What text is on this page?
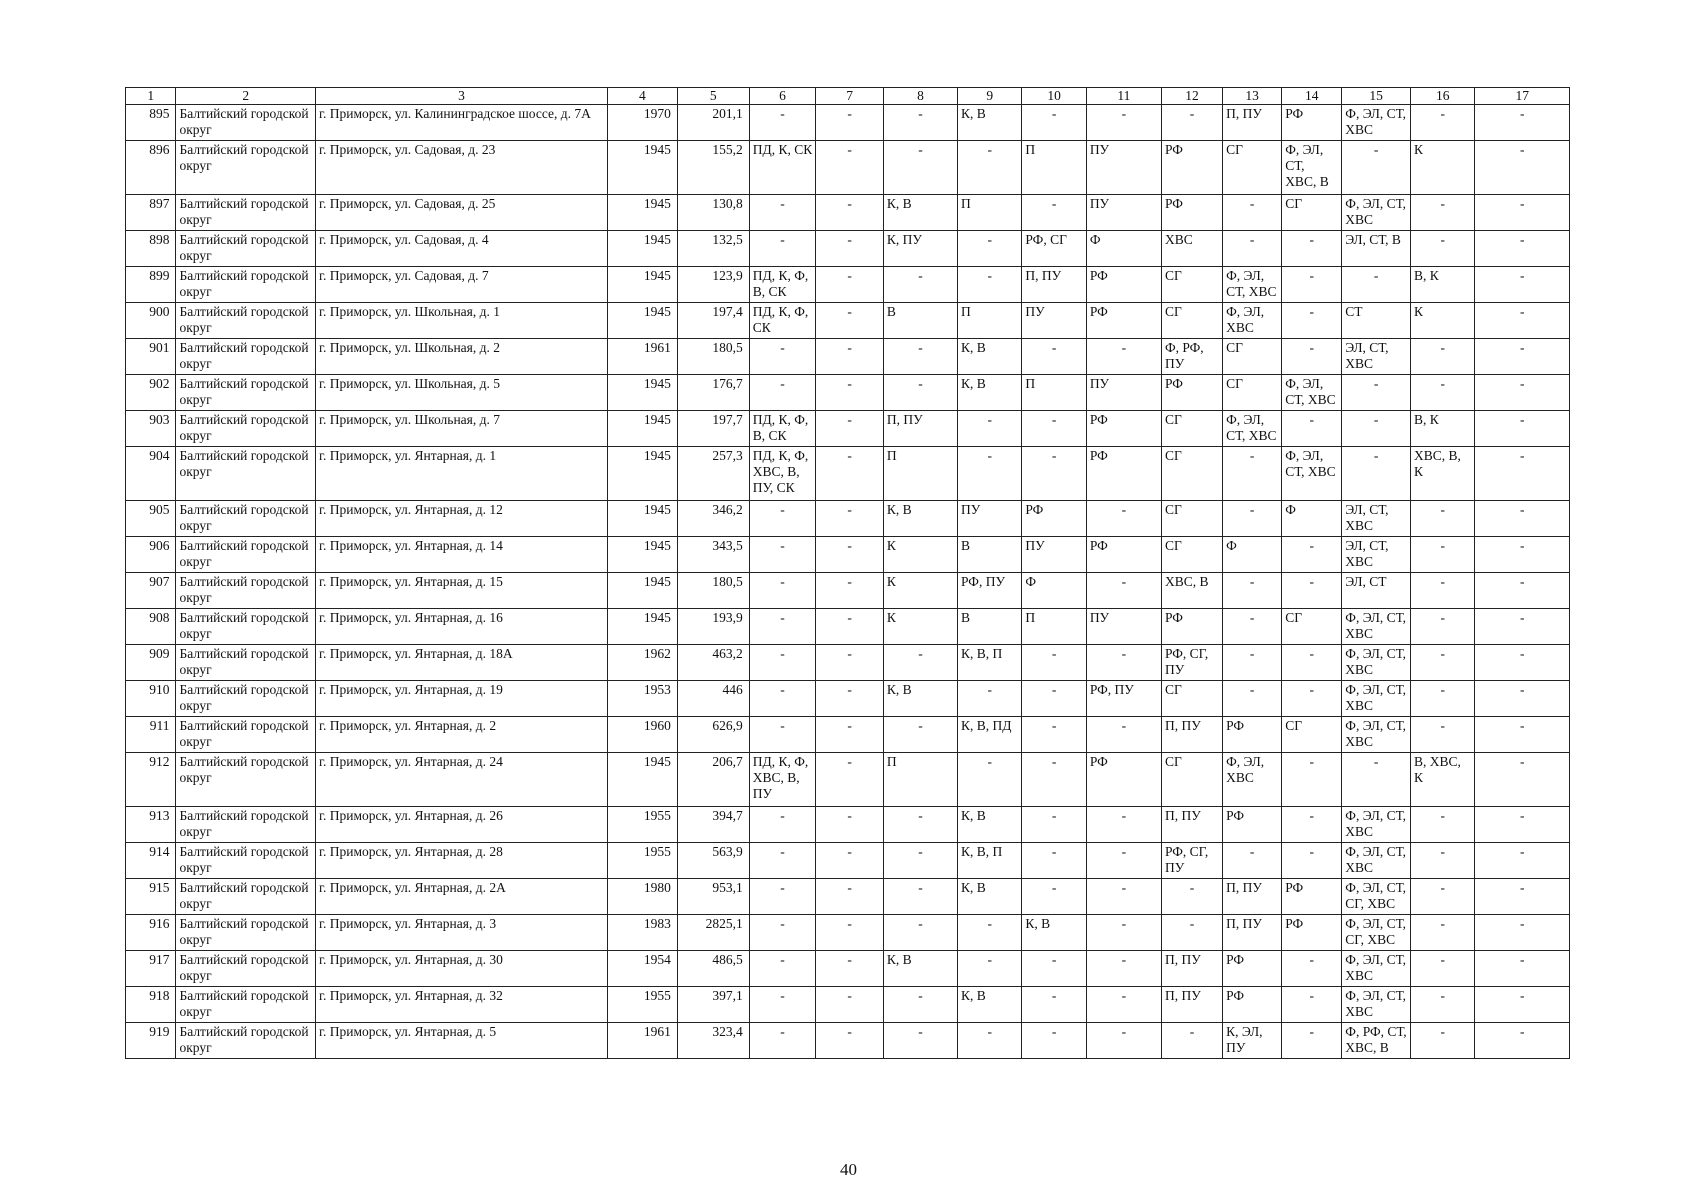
1	2	3	4	5	6	7	8	9	10	11	12	13	14	15	16	17
895	Балтийский городской округ	г. Приморск, ул. Калининградское шоссе, д. 7А	1970	201,1	-	-	-	К, В	-	-	-	П, ПУ	РФ	Ф, ЭЛ, СТ, ХВС	-	-
896	Балтийский городской округ	г. Приморск, ул. Садовая, д. 23	1945	155,2	ПД, К, СК	-	-	-	П	ПУ	РФ	СГ	Ф, ЭЛ, СТ, ХВС, В	-	К	-
897	Балтийский городской округ	г. Приморск, ул. Садовая, д. 25	1945	130,8	-	-	К, В	П	-	ПУ	РФ	-	СГ	Ф, ЭЛ, СТ, ХВС	-	-
898	Балтийский городской округ	г. Приморск, ул. Садовая, д. 4	1945	132,5	-	-	К, ПУ	-	РФ, СГ	Ф	ХВС	-	-	ЭЛ, СТ, В	-	-
899	Балтийский городской округ	г. Приморск, ул. Садовая, д. 7	1945	123,9	ПД, К, Ф, В, СК	-	-	-	П, ПУ	РФ	СГ	Ф, ЭЛ, СТ, ХВС	-	-	В, К	-
900	Балтийский городской округ	г. Приморск, ул. Школьная, д. 1	1945	197,4	ПД, К, Ф, СК	-	В	П	ПУ	РФ	СГ	Ф, ЭЛ, ХВС	-	СТ	К	-
901	Балтийский городской округ	г. Приморск, ул. Школьная, д. 2	1961	180,5	-	-	-	К, В	-	-	Ф, РФ, ПУ	СГ	-	ЭЛ, СТ, ХВС	-	-
902	Балтийский городской округ	г. Приморск, ул. Школьная, д. 5	1945	176,7	-	-	-	К, В	П	ПУ	РФ	СГ	Ф, ЭЛ, СТ, ХВС	-	-	-
903	Балтийский городской округ	г. Приморск, ул. Школьная, д. 7	1945	197,7	ПД, К, Ф, В, СК	-	П, ПУ	-	-	РФ	СГ	Ф, ЭЛ, СТ, ХВС	-	-	В, К	-
904	Балтийский городской округ	г. Приморск, ул. Янтарная, д. 1	1945	257,3	ПД, К, Ф, ХВС, В, ПУ, СК	-	П	-	-	РФ	СГ	-	Ф, ЭЛ, СТ, ХВС	-	ХВС, В, К	-
905	Балтийский городской округ	г. Приморск, ул. Янтарная, д. 12	1945	346,2	-	-	К, В	ПУ	РФ	-	СГ	-	Ф	ЭЛ, СТ, ХВС	-	-
906	Балтийский городской округ	г. Приморск, ул. Янтарная, д. 14	1945	343,5	-	-	К	В	ПУ	РФ	СГ	Ф	-	ЭЛ, СТ, ХВС	-	-
907	Балтийский городской округ	г. Приморск, ул. Янтарная, д. 15	1945	180,5	-	-	К	РФ, ПУ	Ф	-	ХВС, В	-	-	ЭЛ, СТ	-	-
908	Балтийский городской округ	г. Приморск, ул. Янтарная, д. 16	1945	193,9	-	-	К	В	П	ПУ	РФ	-	СГ	Ф, ЭЛ, СТ, ХВС	-	-
909	Балтийский городской округ	г. Приморск, ул. Янтарная, д. 18А	1962	463,2	-	-	-	К, В, П	-	-	РФ, СГ, ПУ	-	-	Ф, ЭЛ, СТ, ХВС	-	-
910	Балтийский городской округ	г. Приморск, ул. Янтарная, д. 19	1953	446	-	-	К, В	-	-	РФ, ПУ	СГ	-	-	Ф, ЭЛ, СТ, ХВС	-	-
911	Балтийский городской округ	г. Приморск, ул. Янтарная, д. 2	1960	626,9	-	-	-	К, В, ПД	-	-	П, ПУ	РФ	СГ	Ф, ЭЛ, СТ, ХВС	-	-
912	Балтийский городской округ	г. Приморск, ул. Янтарная, д. 24	1945	206,7	ПД, К, Ф, ХВС, В, ПУ	-	П	-	-	РФ	СГ	Ф, ЭЛ, ХВС	-	-	В, ХВС, К	-
913	Балтийский городской округ	г. Приморск, ул. Янтарная, д. 26	1955	394,7	-	-	-	К, В	-	-	П, ПУ	РФ	-	Ф, ЭЛ, СТ, ХВС	-	-
914	Балтийский городской округ	г. Приморск, ул. Янтарная, д. 28	1955	563,9	-	-	-	К, В, П	-	-	РФ, СГ, ПУ	-	-	Ф, ЭЛ, СТ, ХВС	-	-
915	Балтийский городской округ	г. Приморск, ул. Янтарная, д. 2А	1980	953,1	-	-	-	К, В	-	-	-	П, ПУ	РФ	Ф, ЭЛ, СТ, СГ, ХВС	-	-
916	Балтийский городской округ	г. Приморск, ул. Янтарная, д. 3	1983	2825,1	-	-	-	-	К, В	-	-	П, ПУ	РФ	Ф, ЭЛ, СТ, СГ, ХВС	-	-
917	Балтийский городской округ	г. Приморск, ул. Янтарная, д. 30	1954	486,5	-	-	К, В	-	-	-	П, ПУ	РФ	-	Ф, ЭЛ, СТ, ХВС	-	-
918	Балтийский городской округ	г. Приморск, ул. Янтарная, д. 32	1955	397,1	-	-	-	К, В	-	-	П, ПУ	РФ	-	Ф, ЭЛ, СТ, ХВС	-	-
919	Балтийский городской округ	г. Приморск, ул. Янтарная, д. 5	1961	323,4	-	-	-	-	-	-	-	К, ЭЛ, ПУ	-	Ф, РФ, СТ, ХВС, В	-	-
40
